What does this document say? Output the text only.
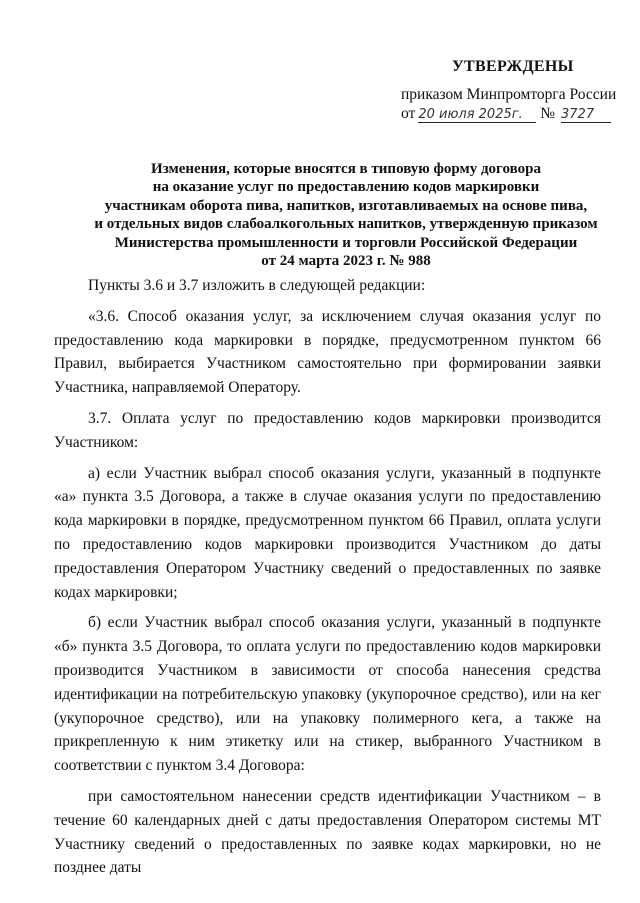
УТВЕРЖДЕНЫ
приказом Минпромторга России
от 20 июля 2025г. № 3727
Изменения, которые вносятся в типовую форму договора
на оказание услуг по предоставлению кодов маркировки
участникам оборота пива, напитков, изготавливаемых на основе пива,
и отдельных видов слабоалкогольных напитков, утвержденную приказом
Министерства промышленности и торговли Российской Федерации
от 24 марта 2023 г. № 988

Пункты 3.6 и 3.7 изложить в следующей редакции:

«3.6. Способ оказания услуг, за исключением случая оказания услуг по предоставлению кода маркировки в порядке, предусмотренном пунктом 66 Правил, выбирается Участником самостоятельно при формировании заявки Участника, направляемой Оператору.

3.7. Оплата услуг по предоставлению кодов маркировки производится Участником:

а) если Участник выбрал способ оказания услуги, указанный в подпункте «а» пункта 3.5 Договора, а также в случае оказания услуги по предоставлению кода маркировки в порядке, предусмотренном пунктом 66 Правил, оплата услуги по предоставлению кодов маркировки производится Участником до даты предоставления Оператором Участнику сведений о предоставленных по заявке кодах маркировки;

б) если Участник выбрал способ оказания услуги, указанный в подпункте «б» пункта 3.5 Договора, то оплата услуги по предоставлению кодов маркировки производится Участником в зависимости от способа нанесения средства идентификации на потребительскую упаковку (укупорочное средство), или на кег (укупорочное средство), или на упаковку полимерного кега, а также на прикрепленную к ним этикетку или на стикер, выбранного Участником в соответствии с пунктом 3.4 Договора:

при самостоятельном нанесении средств идентификации Участником – в течение 60 календарных дней с даты предоставления Оператором системы МТ Участнику сведений о предоставленных по заявке кодах маркировки, но не позднее даты
